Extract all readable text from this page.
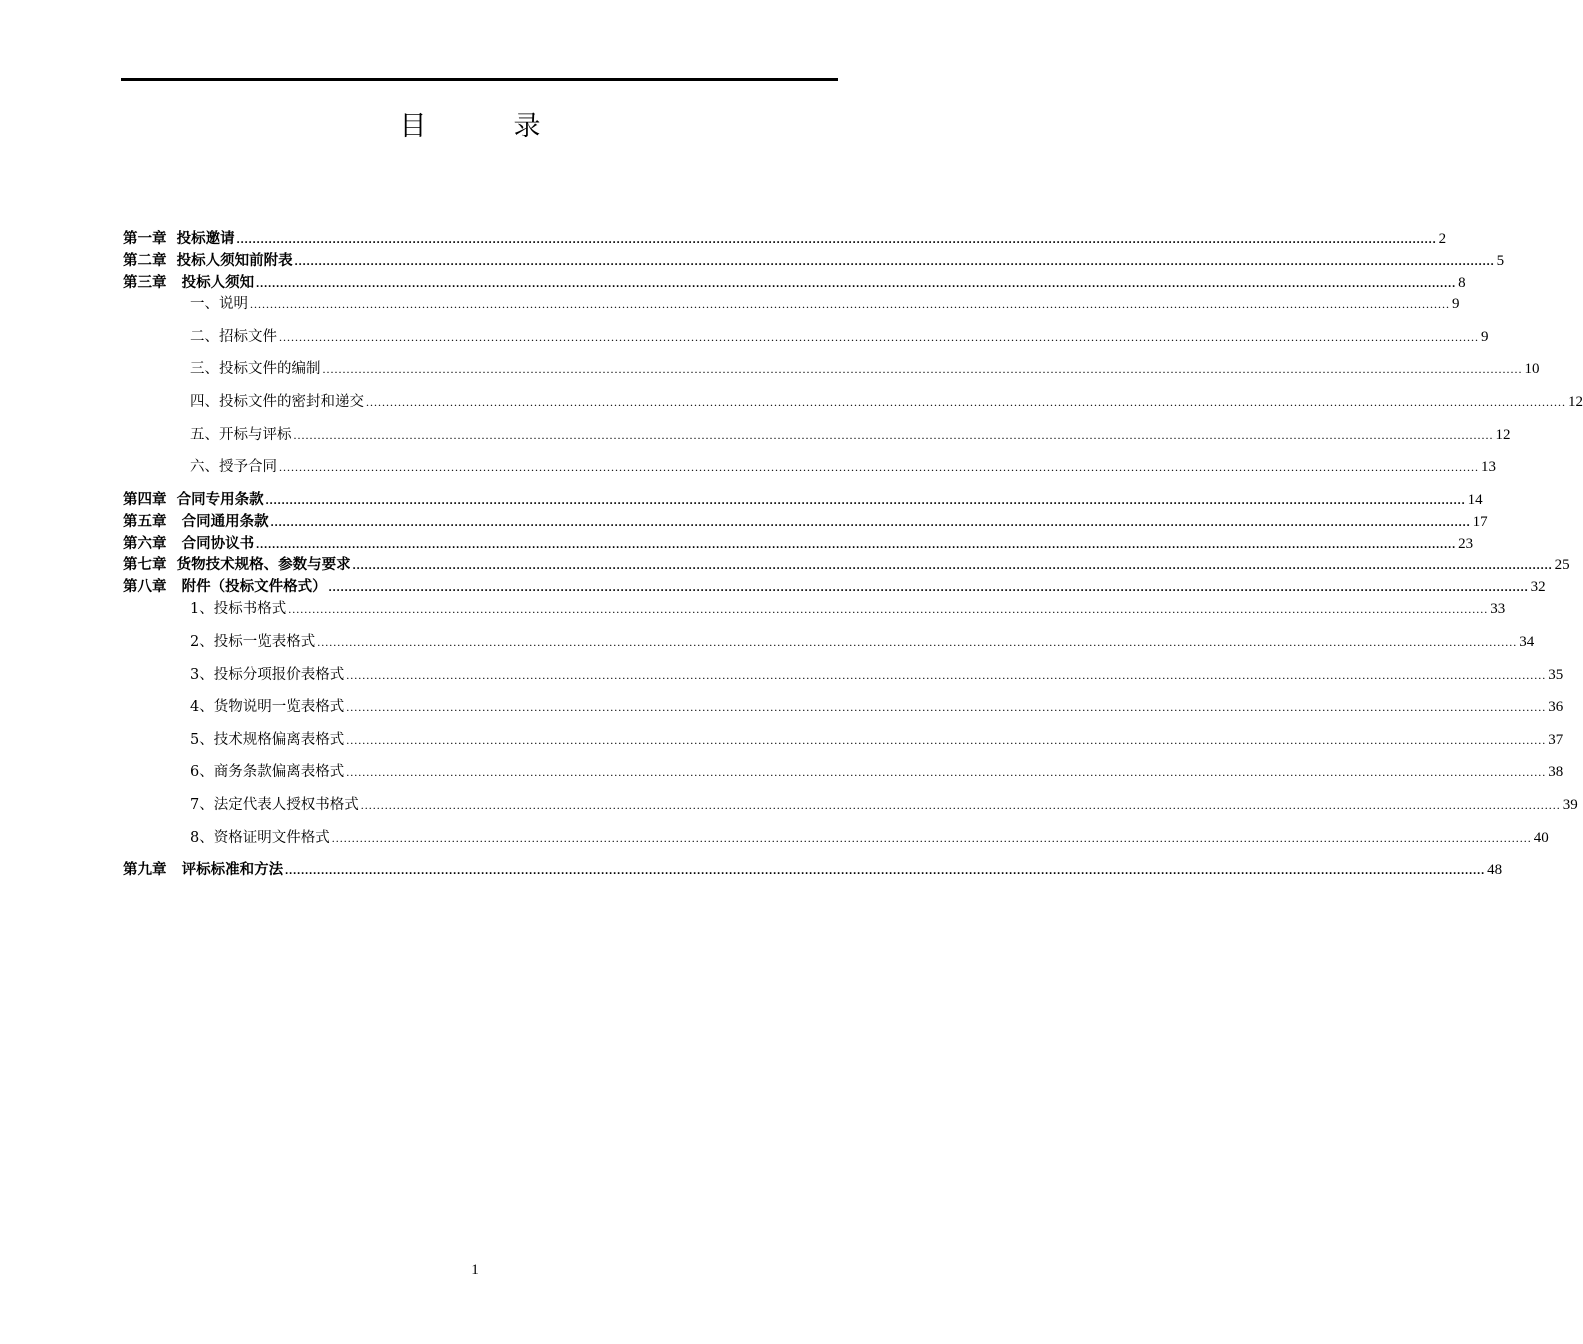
目　录
第一章  投标邀请 ............................................................................................................................................................................................................................................................................................................ 2
第二章  投标人须知前附表 ............................................................................................................................................................................................................................................................................................................ 5
第三章   投标人须知 ............................................................................................................................................................................................................................................................................................................ 8
一、说明 ............................................................................................................................................................................................................................................................................................................ 9
二、招标文件 ............................................................................................................................................................................................................................................................................................................ 9
三、投标文件的编制 ............................................................................................................................................................................................................................................................................................................ 10
四、投标文件的密封和递交 ............................................................................................................................................................................................................................................................................................................ 12
五、开标与评标 ............................................................................................................................................................................................................................................................................................................ 12
六、授予合同 ............................................................................................................................................................................................................................................................................................................ 13
第四章  合同专用条款 ............................................................................................................................................................................................................................................................................................................ 14
第五章   合同通用条款 ............................................................................................................................................................................................................................................................................................................ 17
第六章   合同协议书 ............................................................................................................................................................................................................................................................................................................ 23
第七章  货物技术规格、参数与要求 ............................................................................................................................................................................................................................................................................................................ 25
第八章   附件（投标文件格式） ............................................................................................................................................................................................................................................................................................................ 32
1、投标书格式 ............................................................................................................................................................................................................................................................................................................ 33
2、投标一览表格式 ............................................................................................................................................................................................................................................................................................................ 34
3、投标分项报价表格式 ............................................................................................................................................................................................................................................................................................................ 35
4、货物说明一览表格式 ............................................................................................................................................................................................................................................................................................................ 36
5、技术规格偏离表格式 ............................................................................................................................................................................................................................................................................................................ 37
6、商务条款偏离表格式 ............................................................................................................................................................................................................................................................................................................ 38
7、法定代表人授权书格式 ............................................................................................................................................................................................................................................................................................................ 39
8、资格证明文件格式 ............................................................................................................................................................................................................................................................................................................ 40
第九章   评标标准和方法 ............................................................................................................................................................................................................................................................................................................ 48
1
